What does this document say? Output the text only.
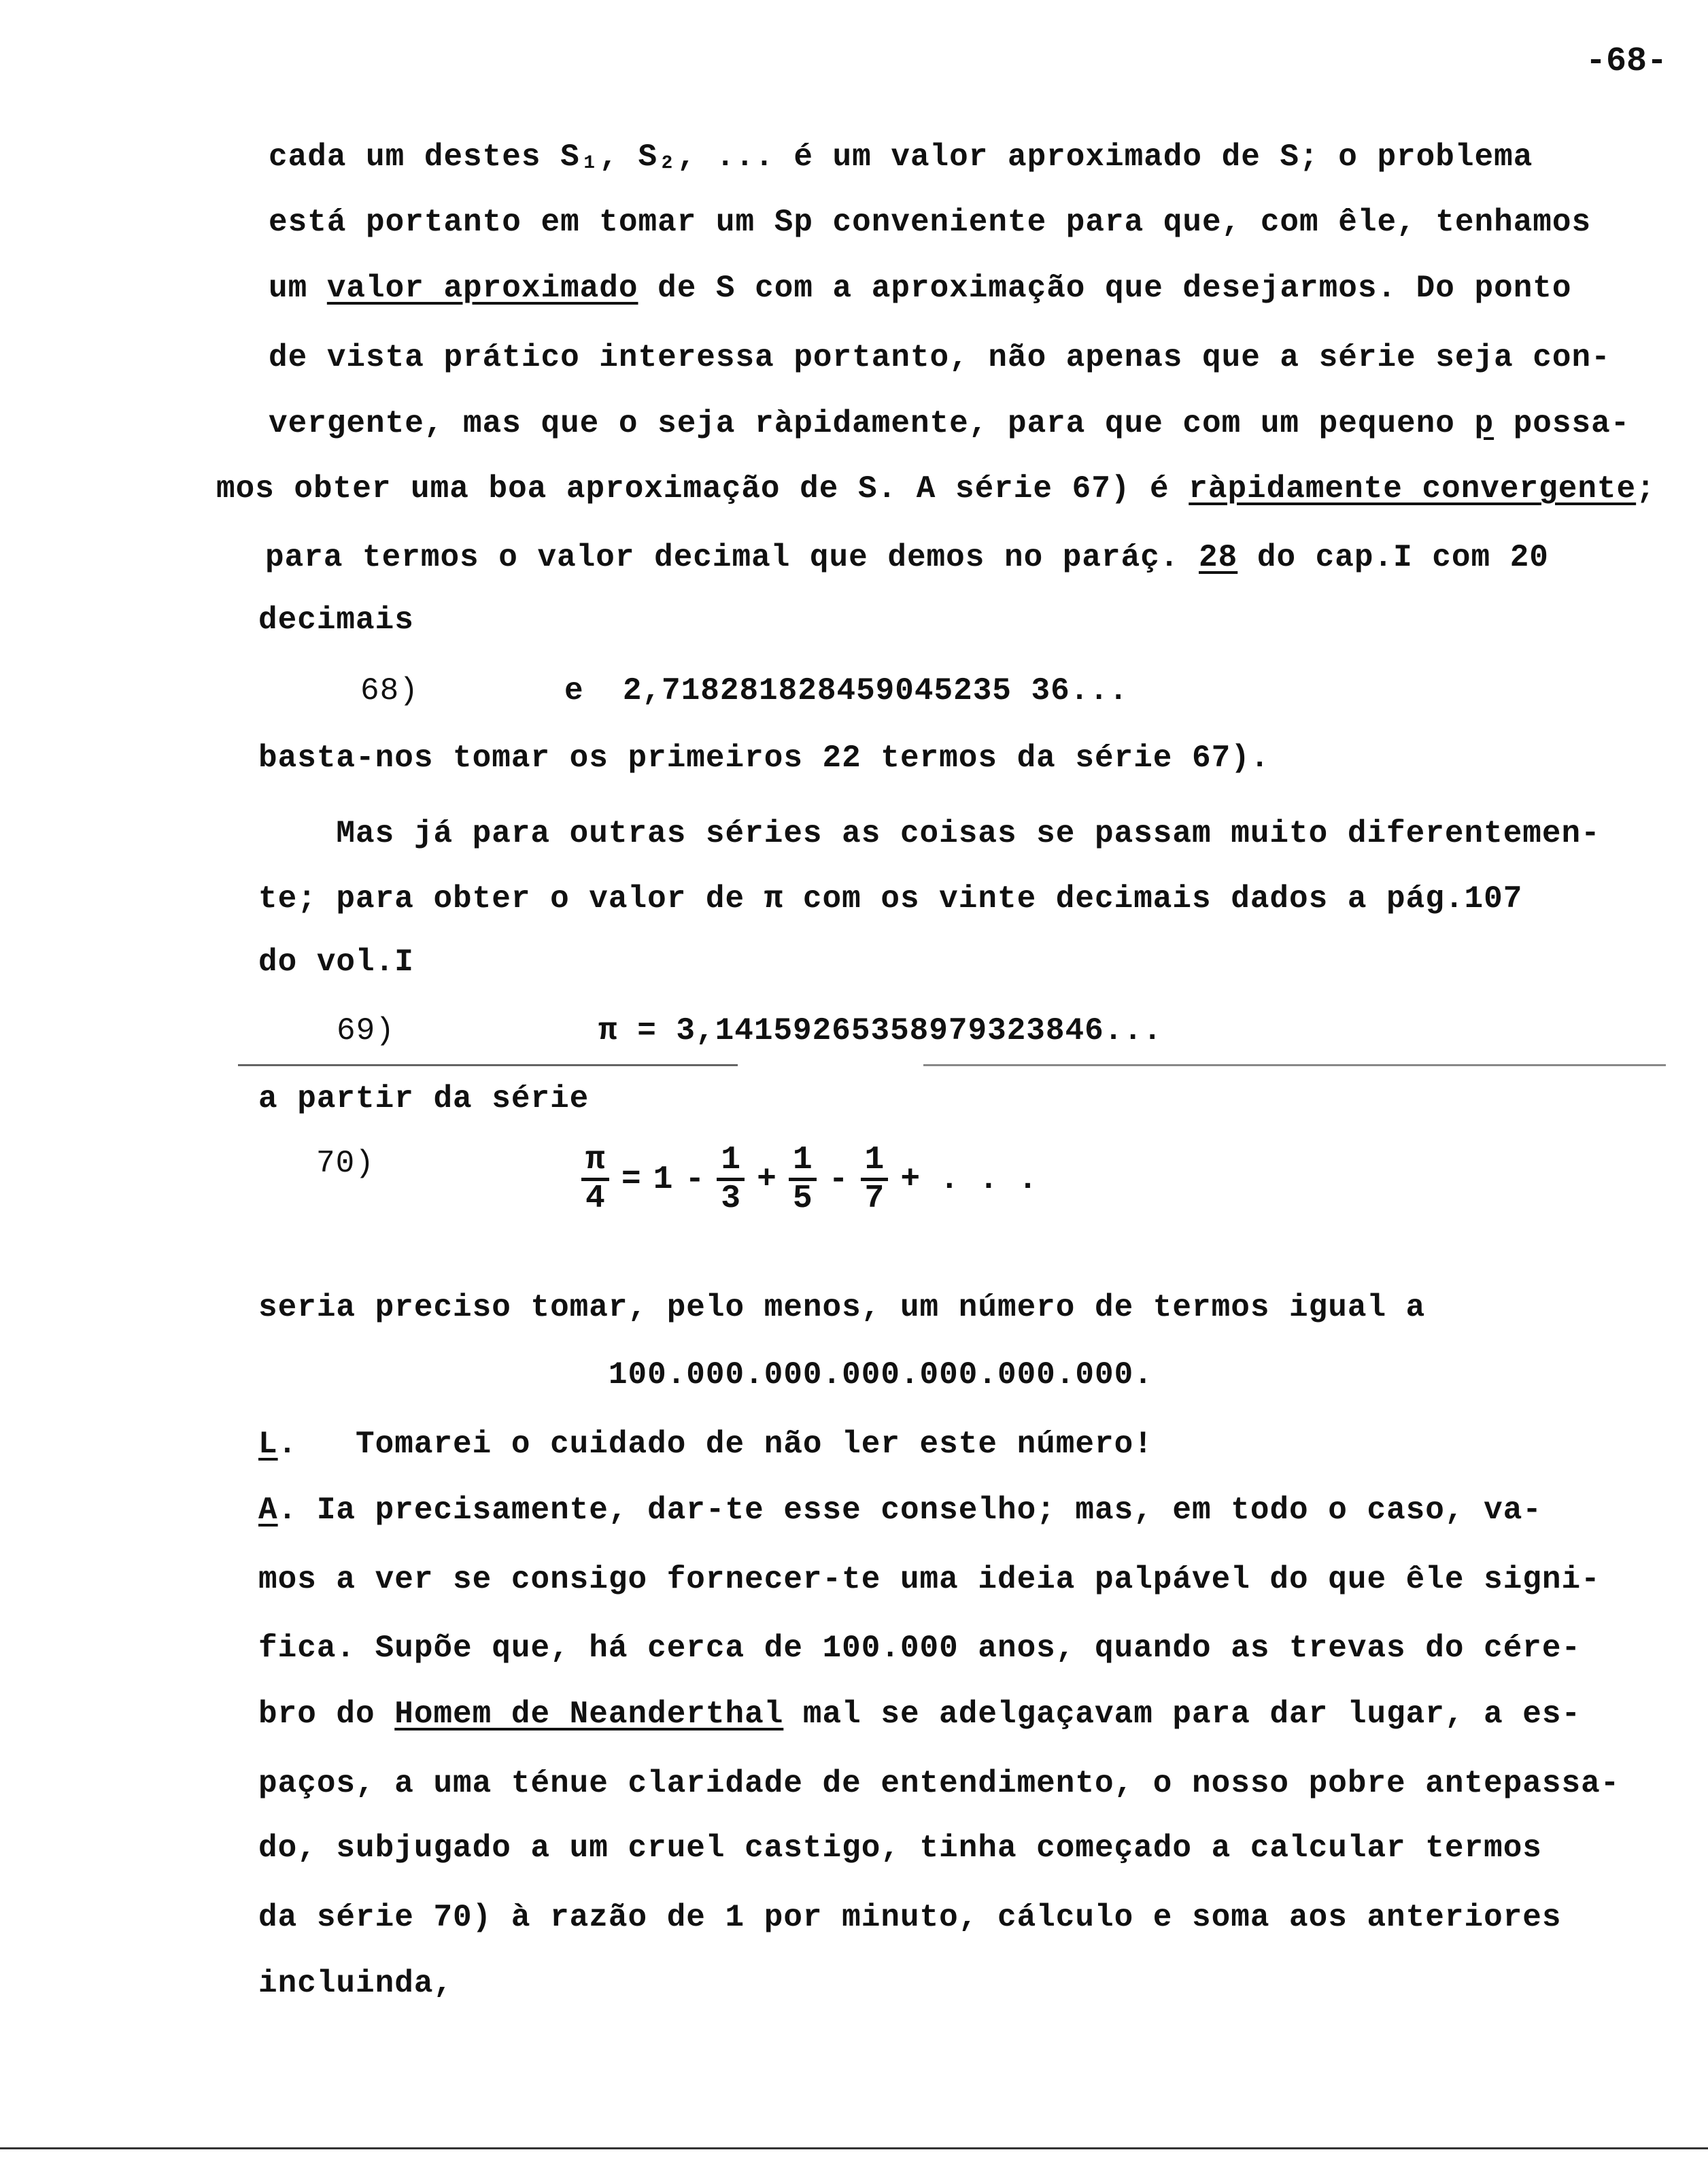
-68-
cada um destes S₁, S₂, ... é um valor aproximado de S; o problema
está portanto em tomar um Sp conveniente para que, com êle, tenhamos
um valor aproximado de S com a aproximação que desejarmos. Do ponto
de vista prático interessa portanto, não apenas que a série seja con-
vergente, mas que o seja ràpidamente, para que com um pequeno p possa-
mos obter uma boa aproximação de S. A série 67) é ràpidamente convergente;
para termos o valor decimal que demos no paráç. 28 do cap.I com 20
decimais
basta-nos tomar os primeiros 22 termos da série 67).
Mas já para outras séries as coisas se passam muito diferentemen-
te; para obter o valor de π com os vinte decimais dados a pág.107
do vol.I
a partir da série
seria preciso tomar, pelo menos, um número de termos igual a
100.000.000.000.000.000.000.
L.   Tomarei o cuidado de não ler este número!
A. Ia precisamente, dar-te esse conselho; mas, em todo o caso, va-
mos a ver se consigo fornecer-te uma ideia palpável do que êle signi-
fica. Supõe que, há cerca de 100.000 anos, quando as trevas do cére-
bro do Homem de Neanderthal mal se adelgaçavam para dar lugar, a es-
paços, a uma ténue claridade de entendimento, o nosso pobre antepassa-
do, subjugado a um cruel castigo, tinha começado a calcular termos
da série 70) à razão de 1 por minuto, cálculo e soma aos anteriores
incluinda,
68)	e  2,718281828459045235 36...
69)	π = 3,14159265358979323846...
70)	$\frac{\pi}{4} = 1 - \frac{1}{3} + \frac{1}{5} - \frac{1}{7}$ + . . .
